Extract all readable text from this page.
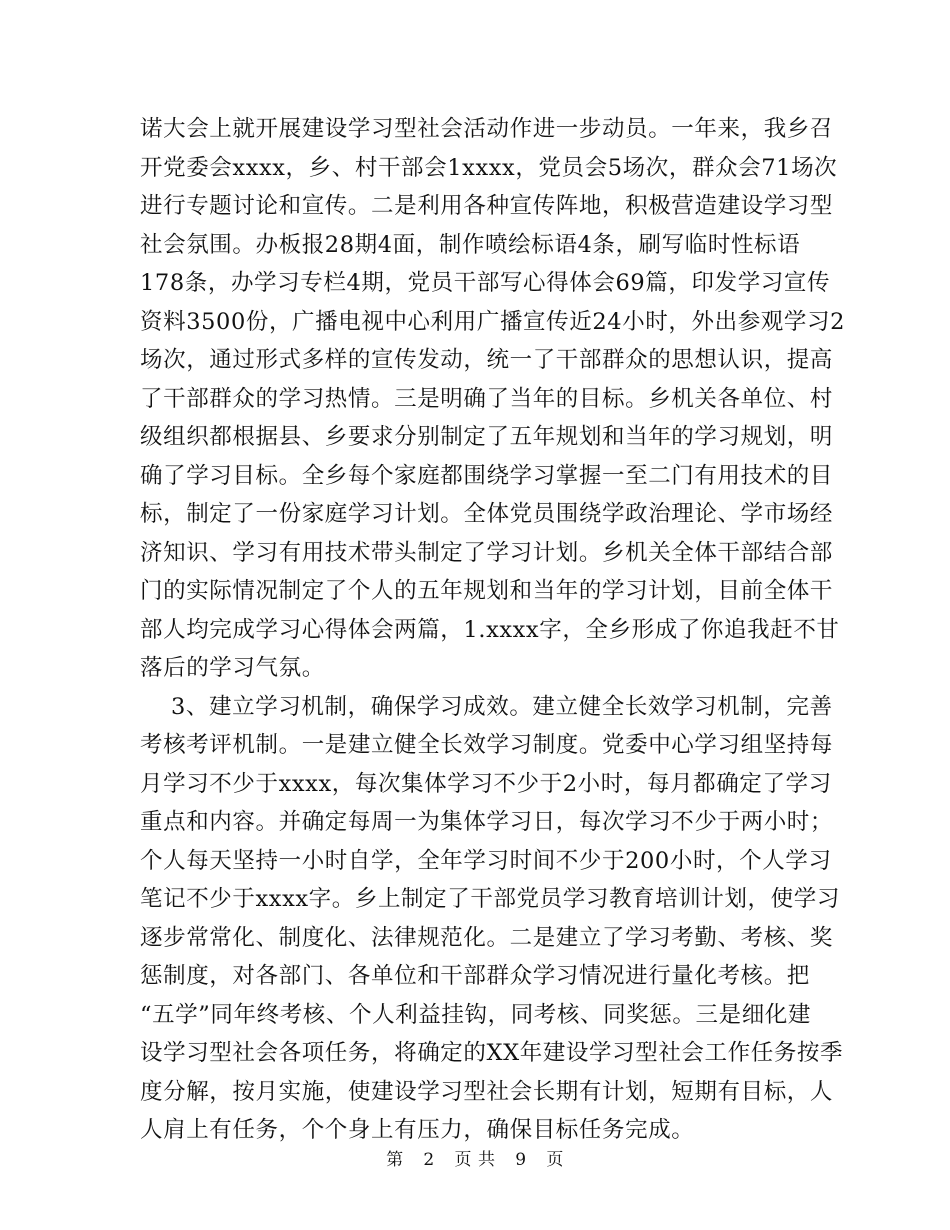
诺大会上就开展建设学习型社会活动作进一步动员。一年来，我乡召
开党委会xxxx，乡、村干部会1xxxx，党员会5场次，群众会71场次
进行专题讨论和宣传。二是利用各种宣传阵地，积极营造建设学习型
社会氛围。办板报28期4面，制作喷绘标语4条，刷写临时性标语
178条，办学习专栏4期，党员干部写心得体会69篇，印发学习宣传
资料3500份，广播电视中心利用广播宣传近24小时，外出参观学习2
场次，通过形式多样的宣传发动，统一了干部群众的思想认识，提高
了干部群众的学习热情。三是明确了当年的目标。乡机关各单位、村
级组织都根据县、乡要求分别制定了五年规划和当年的学习规划，明
确了学习目标。全乡每个家庭都围绕学习掌握一至二门有用技术的目
标，制定了一份家庭学习计划。全体党员围绕学政治理论、学市场经
济知识、学习有用技术带头制定了学习计划。乡机关全体干部结合部
门的实际情况制定了个人的五年规划和当年的学习计划，目前全体干
部人均完成学习心得体会两篇，1.xxxx字，全乡形成了你追我赶不甘
落后的学习气氛。
3、建立学习机制，确保学习成效。建立健全长效学习机制，完善
考核考评机制。一是建立健全长效学习制度。党委中心学习组坚持每
月学习不少于xxxx，每次集体学习不少于2小时，每月都确定了学习
重点和内容。并确定每周一为集体学习日，每次学习不少于两小时；
个人每天坚持一小时自学，全年学习时间不少于200小时，个人学习
笔记不少于xxxx字。乡上制定了干部党员学习教育培训计划，使学习
逐步常常化、制度化、法律规范化。二是建立了学习考勤、考核、奖
惩制度，对各部门、各单位和干部群众学习情况进行量化考核。把
“五学”同年终考核、个人利益挂钩，同考核、同奖惩。三是细化建
设学习型社会各项任务，将确定的XX年建设学习型社会工作任务按季
度分解，按月实施，使建设学习型社会长期有计划，短期有目标，人
人肩上有任务，个个身上有压力，确保目标任务完成。
第 2 页 共 9 页
